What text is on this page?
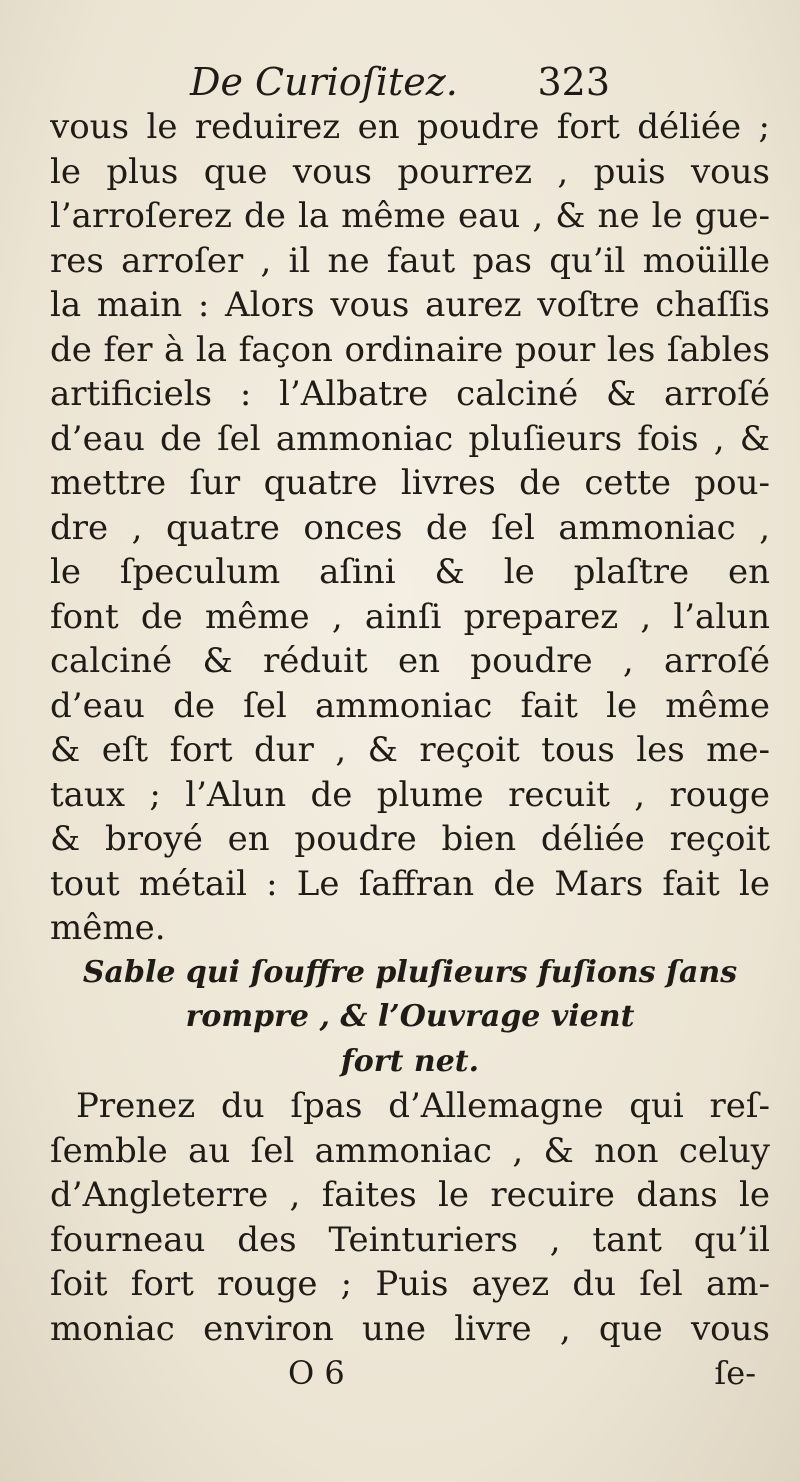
De Curioſitez. 323
vous le reduirez en poudre fort déliée ;
le plus que vous pourrez , puis vous
l’arroſerez de la même eau , & ne le gue-
res arroſer , il ne faut pas qu’il moüille
la main : Alors vous aurez voſtre chaſſis
de fer à la façon ordinaire pour les ſables
artificiels : l’Albatre calciné & arroſé
d’eau de ſel ammoniac pluſieurs fois , &
mettre ſur quatre livres de cette pou-
dre , quatre onces de ſel ammoniac ,
le ſpeculum aſini & le plaſtre en
font de même , ainſi preparez , l’alun
calciné & réduit en poudre , arroſé
d’eau de ſel ammoniac fait le même
& eſt fort dur , & reçoit tous les me-
taux ; l’Alun de plume recuit , rouge
& broyé en poudre bien déliée reçoit
tout métail : Le ſaffran de Mars fait le
même.
Sable qui ſouffre pluſieurs fuſions ſans
rompre , & l’Ouvrage vient
fort net.
Prenez du ſpas d’Allemagne qui reſ-
ſemble au ſel ammoniac , & non celuy
d’Angleterre , faites le recuire dans le
fourneau des Teinturiers , tant qu’il
ſoit fort rouge ; Puis ayez du ſel am-
moniac environ une livre , que vous
O 6	ſe-
